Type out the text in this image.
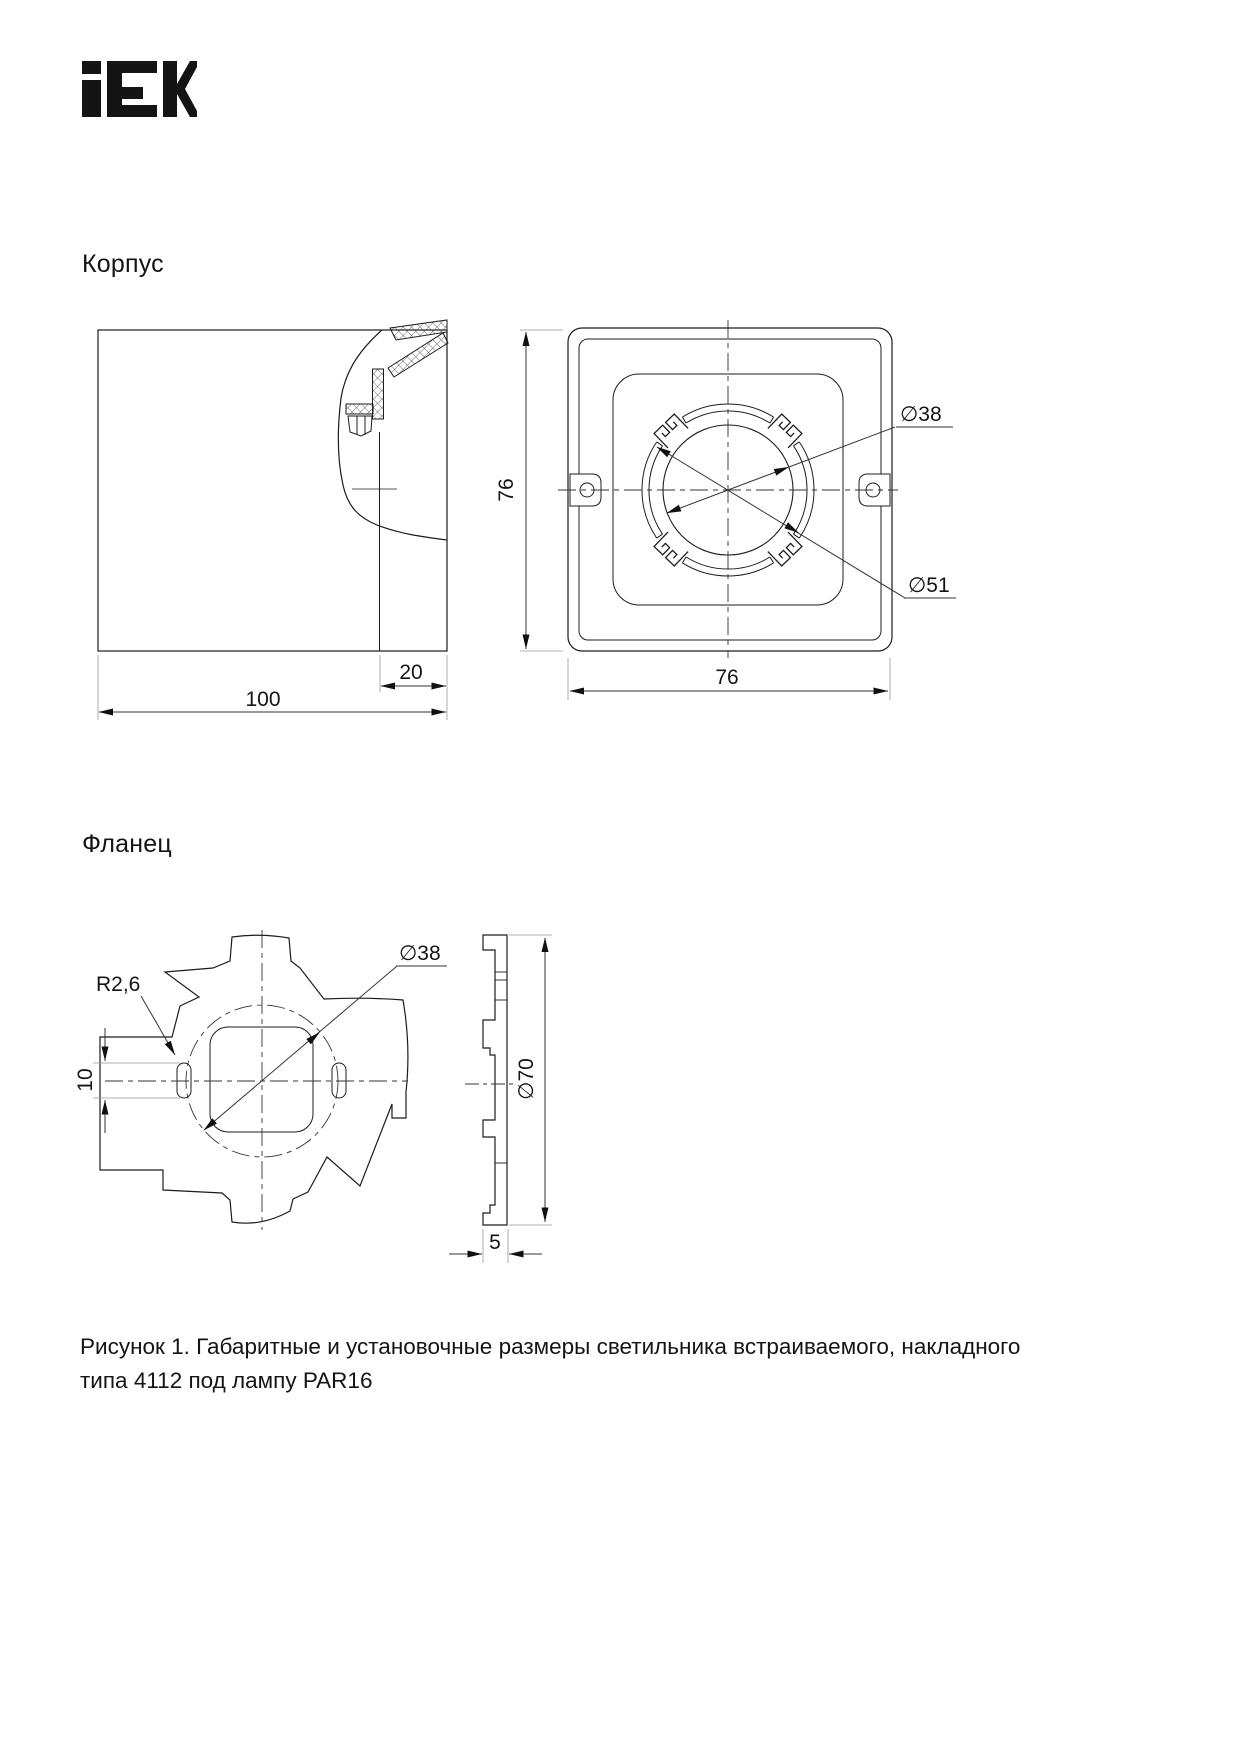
Корпус
Фланец
20
100
76
76
∅38
∅51
∅38
R2,6
10	∅70
5
Рисунок 1. Габаритные и установочные размеры светильника встраиваемого, накладного
типа 4112 под лампу PAR16
